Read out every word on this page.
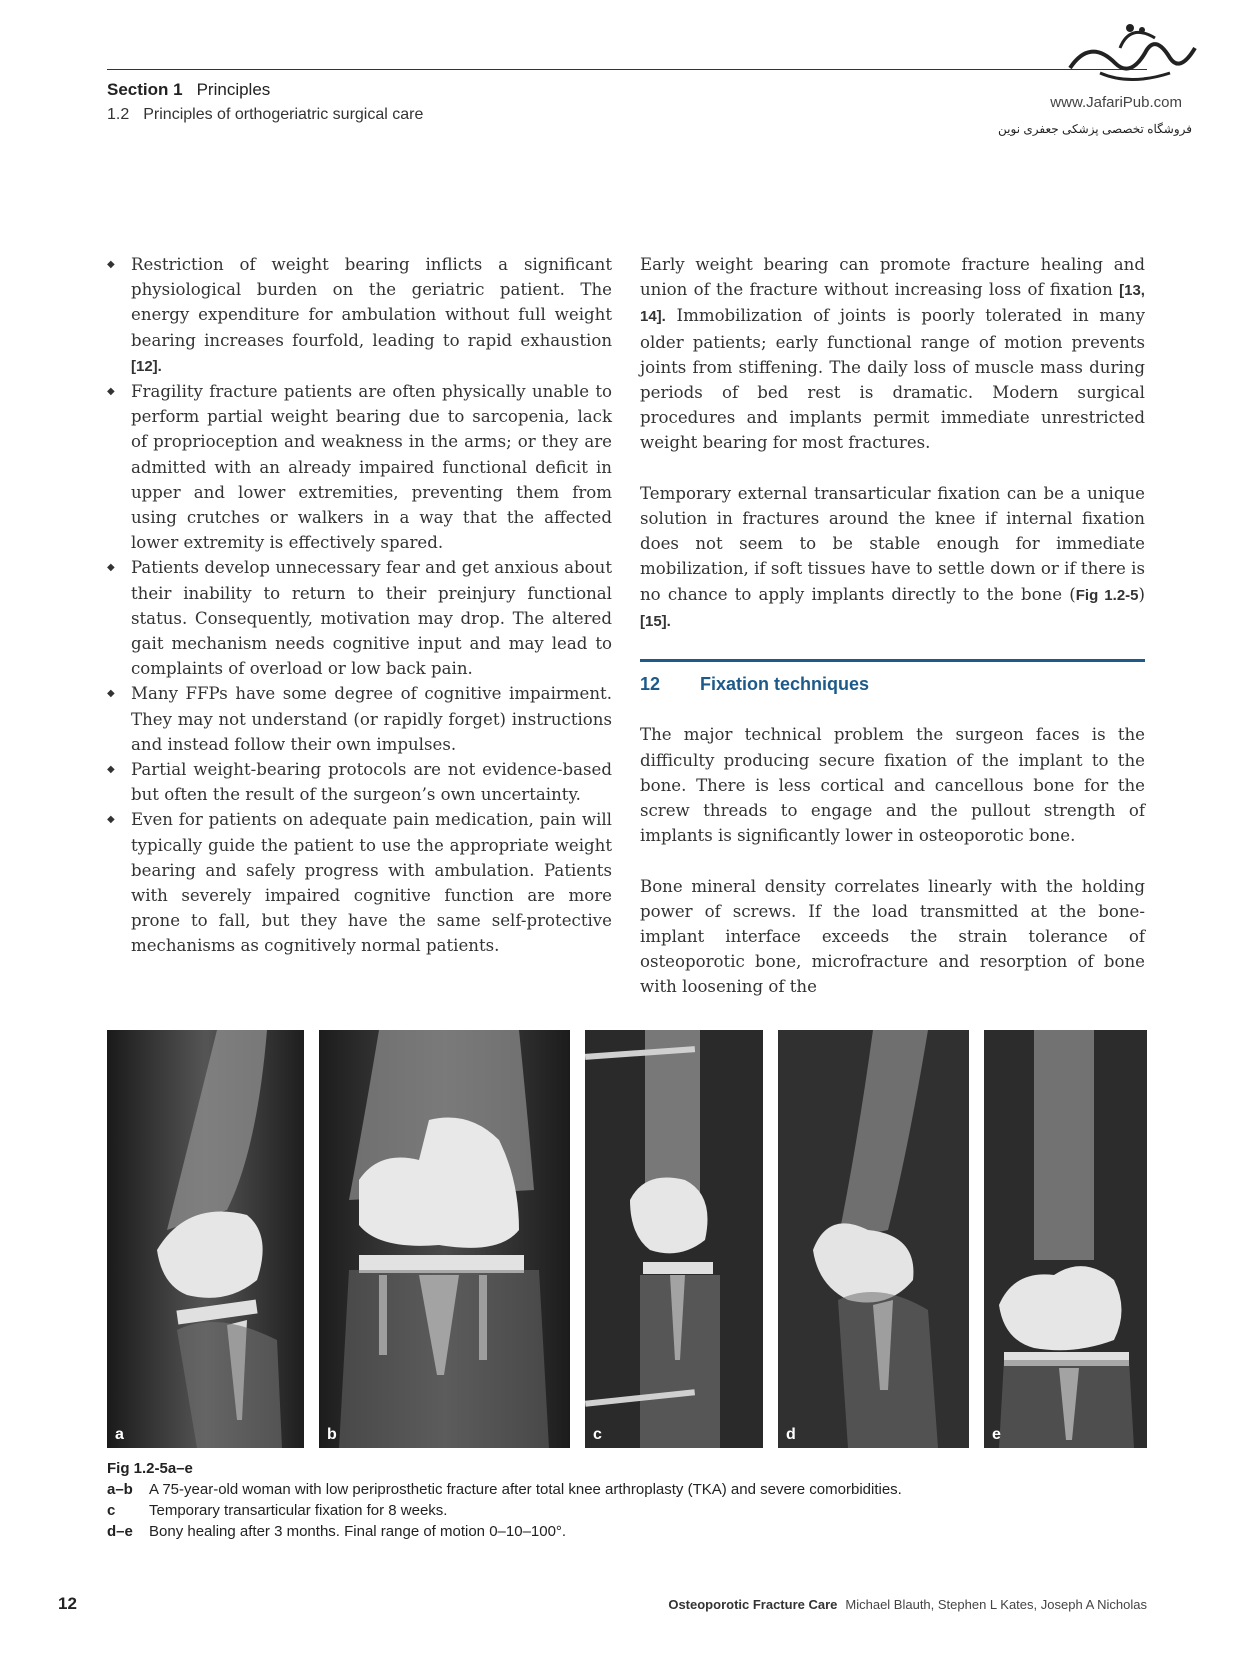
Section 1 Principles
1.2 Principles of orthogeriatric surgical care
www.JafariPub.com
فروشگاه تخصصی پزشکی جعفری نوین
◆ Restriction of weight bearing inflicts a significant physiological burden on the geriatric patient. The energy expenditure for ambulation without full weight bearing increases fourfold, leading to rapid exhaustion [12].
◆ Fragility fracture patients are often physically unable to perform partial weight bearing due to sarcopenia, lack of proprioception and weakness in the arms; or they are admitted with an already impaired functional deficit in upper and lower extremities, preventing them from using crutches or walkers in a way that the affected lower extremity is effectively spared.
◆ Patients develop unnecessary fear and get anxious about their inability to return to their preinjury functional status. Consequently, motivation may drop. The altered gait mechanism needs cognitive input and may lead to complaints of overload or low back pain.
◆ Many FFPs have some degree of cognitive impairment. They may not understand (or rapidly forget) instructions and instead follow their own impulses.
◆ Partial weight-bearing protocols are not evidence-based but often the result of the surgeon’s own uncertainty.
◆ Even for patients on adequate pain medication, pain will typically guide the patient to use the appropriate weight bearing and safely progress with ambulation. Patients with severely impaired cognitive function are more prone to fall, but they have the same self-protective mechanisms as cognitively normal patients.

Early weight bearing can promote fracture healing and union of the fracture without increasing loss of fixation [13, 14]. Immobilization of joints is poorly tolerated in many older patients; early functional range of motion prevents joints from stiffening. The daily loss of muscle mass during periods of bed rest is dramatic. Modern surgical procedures and implants permit immediate unrestricted weight bearing for most fractures.

Temporary external transarticular fixation can be a unique solution in fractures around the knee if internal fixation does not seem to be stable enough for immediate mobilization, if soft tissues have to settle down or if there is no chance to apply implants directly to the bone (Fig 1.2-5) [15].

12 Fixation techniques

The major technical problem the surgeon faces is the difficulty producing secure fixation of the implant to the bone. There is less cortical and cancellous bone for the screw threads to engage and the pullout strength of implants is significantly lower in osteoporotic bone.

Bone mineral density correlates linearly with the holding power of screws. If the load transmitted at the bone-implant interface exceeds the strain tolerance of osteoporotic bone, microfracture and resorption of bone with loosening of the

a	b	c	d	e
Fig 1.2-5a–e
a–b	A 75-year-old woman with low periprosthetic fracture after total knee arthroplasty (TKA) and severe comorbidities.
c	Temporary transarticular fixation for 8 weeks.
d–e	Bony healing after 3 months. Final range of motion 0–10–100°.
12	Osteoporotic Fracture Care Michael Blauth, Stephen L Kates, Joseph A Nicholas
